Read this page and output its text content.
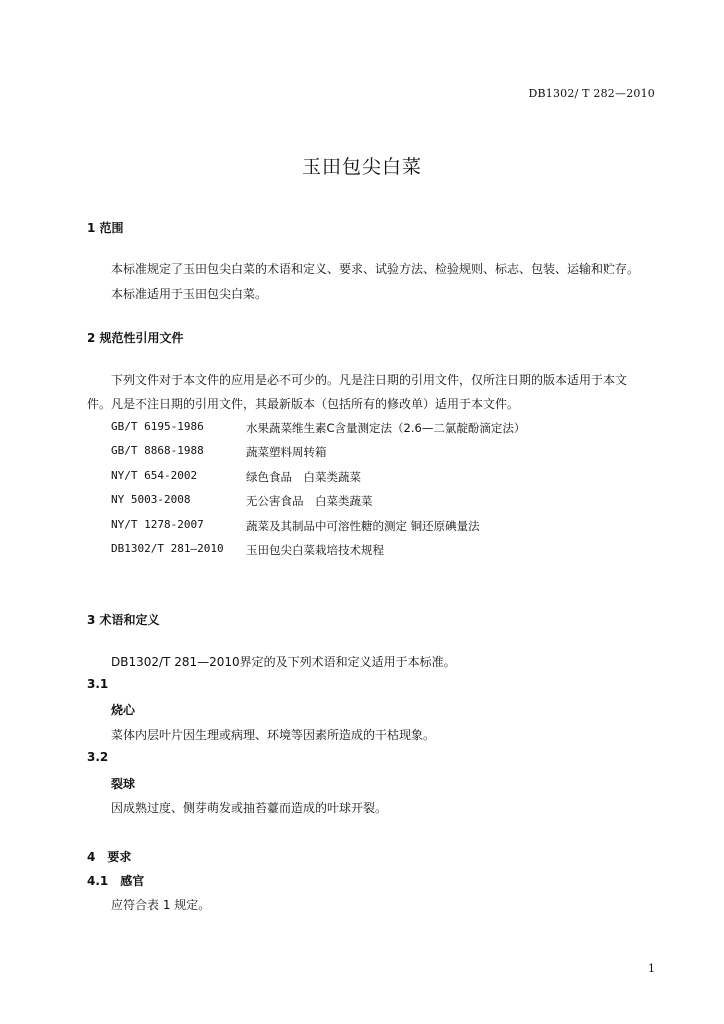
DB1302/ T 282—2010
玉田包尖白菜
1 范围
本标准规定了玉田包尖白菜的术语和定义、要求、试验方法、检验规则、标志、包装、运输和贮存。
本标准适用于玉田包尖白菜。
2 规范性引用文件
下列文件对于本文件的应用是必不可少的。凡是注日期的引用文件，仅所注日期的版本适用于本文
件。凡是不注日期的引用文件，其最新版本（包括所有的修改单）适用于本文件。
GB/T 6195-1986	水果蔬菜维生素C含量测定法（2.6—二氯靛酚滴定法）
GB/T 8868-1988	蔬菜塑料周转箱
NY/T 654-2002	绿色食品　白菜类蔬菜
NY 5003-2008	无公害食品　白菜类蔬菜
NY/T 1278-2007	蔬菜及其制品中可溶性糖的测定 铜还原碘量法
DB1302/T 281—2010 玉田包尖白菜栽培技术规程
3 术语和定义
DB1302/T 281—2010界定的及下列术语和定义适用于本标准。
3.1
烧心
菜体内层叶片因生理或病理、环境等因素所造成的干枯现象。
3.2
裂球
因成熟过度、侧芽萌发或抽苔薹而造成的叶球开裂。
4　要求
4.1　感官
应符合表 1 规定。
1
